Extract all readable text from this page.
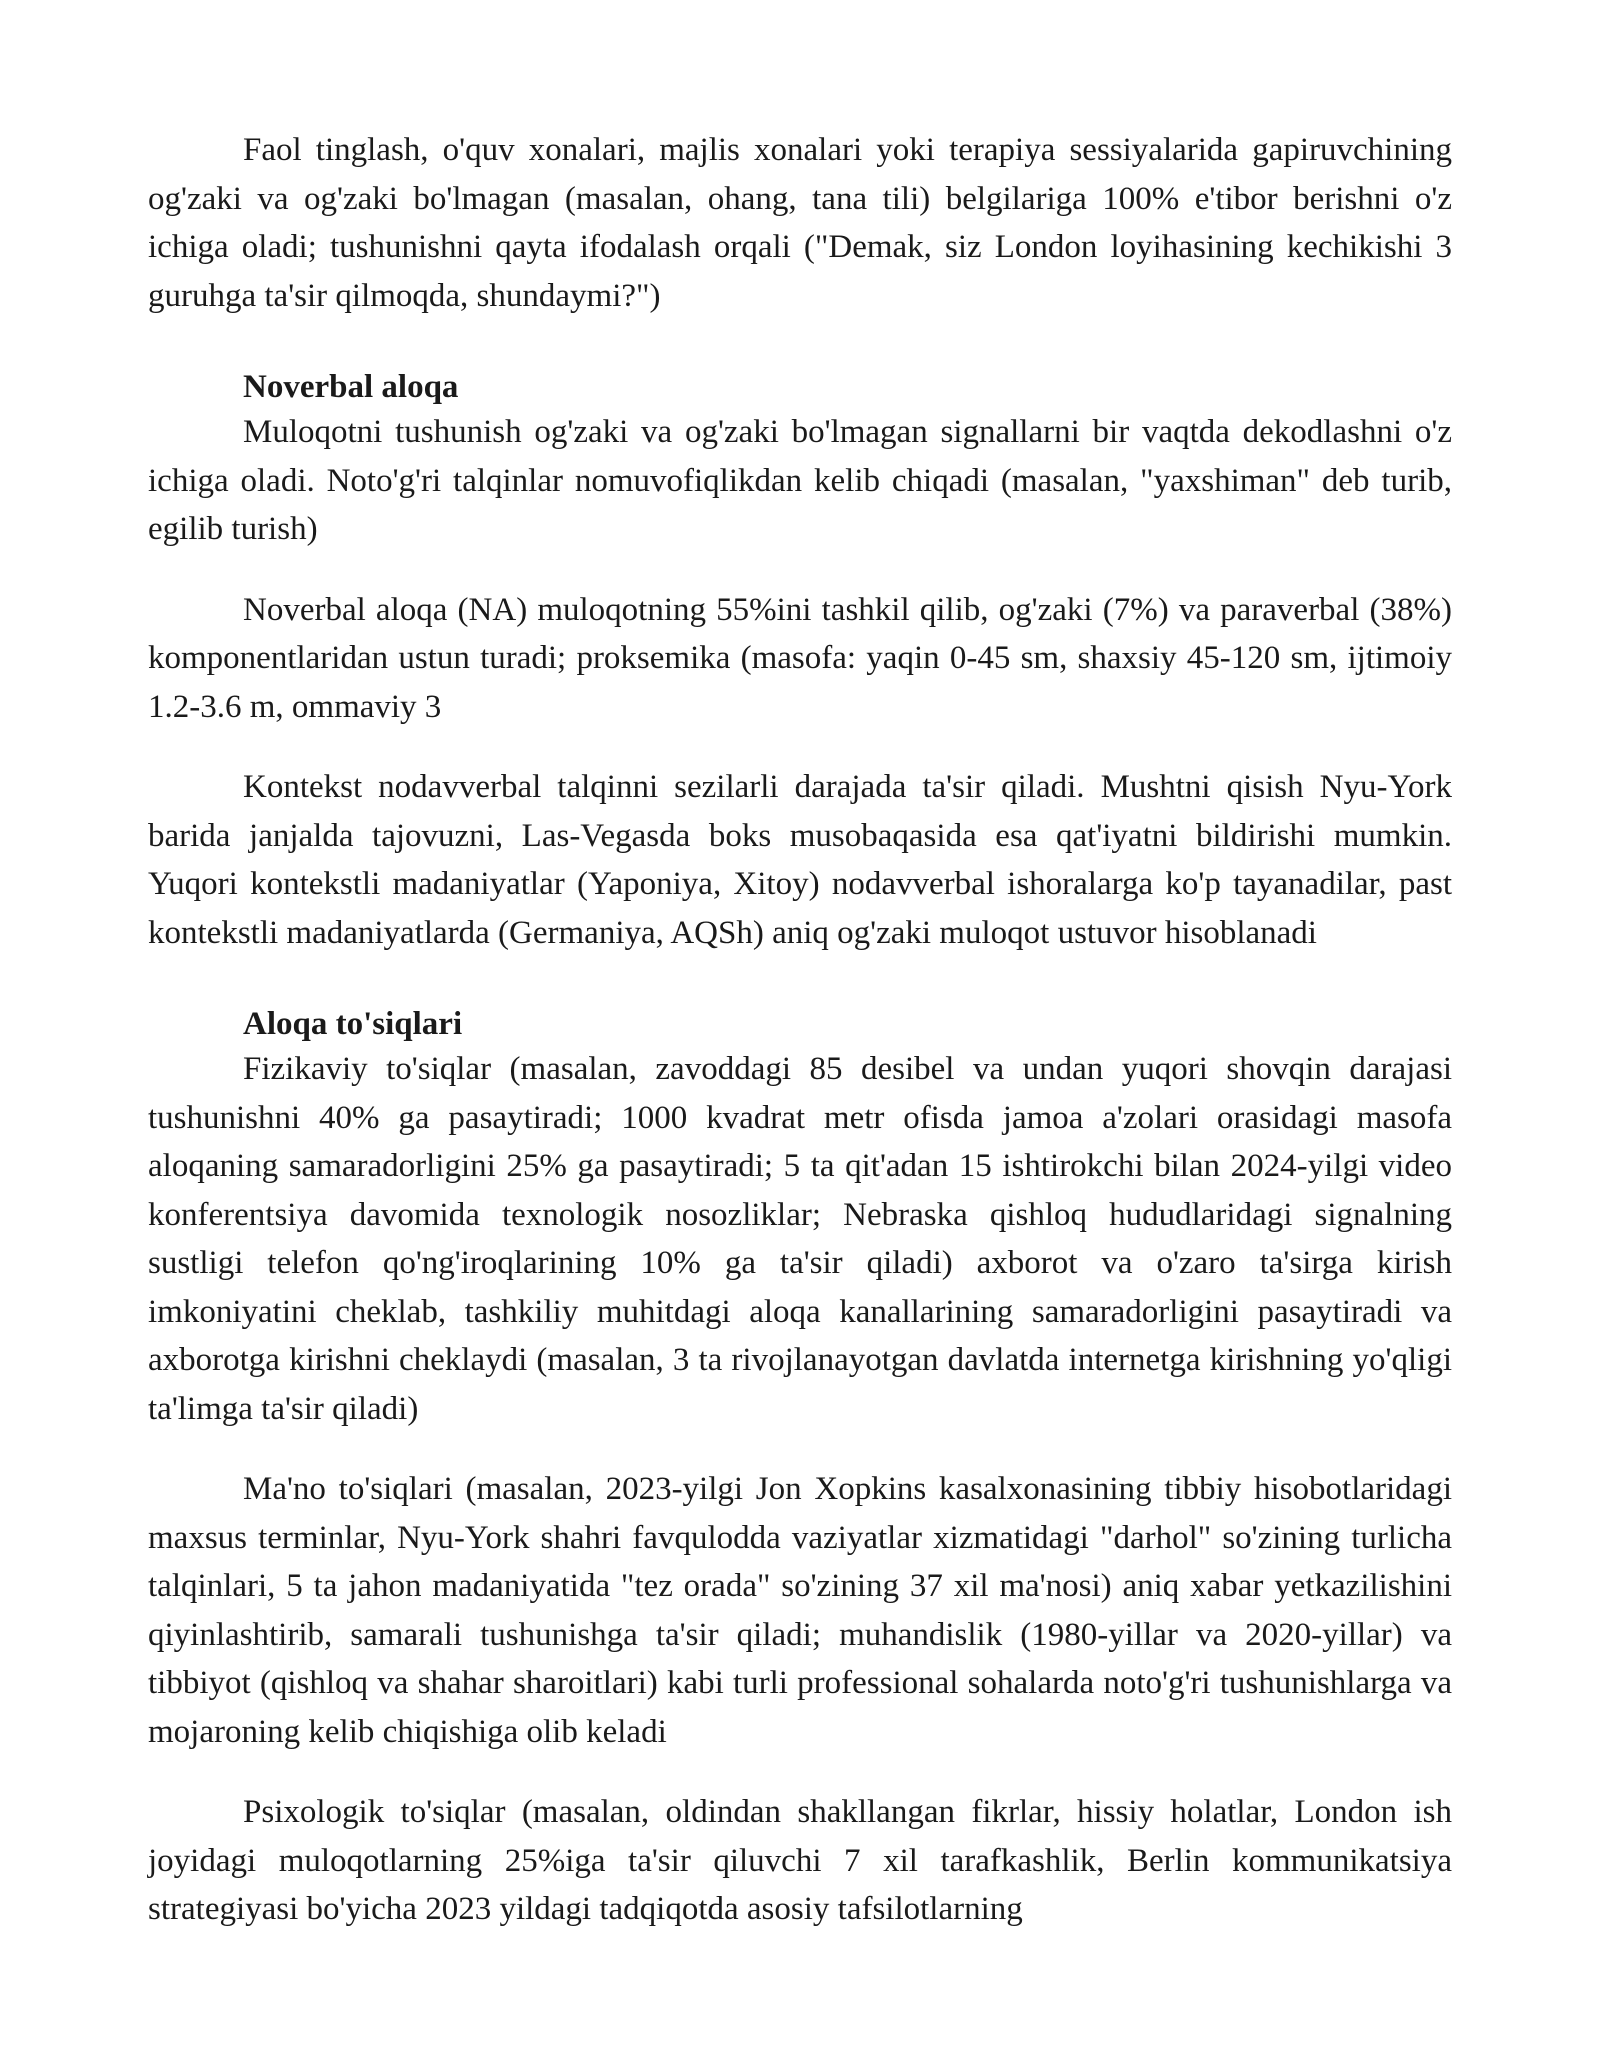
Faol tinglash, o'quv xonalari, majlis xonalari yoki terapiya sessiyalarida gapiruvchining og'zaki va og'zaki bo'lmagan (masalan, ohang, tana tili) belgilariga 100% e'tibor berishni o'z ichiga oladi; tushunishni qayta ifodalash orqali ("Demak, siz London loyihasining kechikishi 3 guruhga ta'sir qilmoqda, shundaymi?")

Noverbal aloqa

Muloqotni tushunish og'zaki va og'zaki bo'lmagan signallarni bir vaqtda dekodlashni o'z ichiga oladi. Noto'g'ri talqinlar nomuvofiqlikdan kelib chiqadi (masalan, "yaxshiman" deb turib, egilib turish)

Noverbal aloqa (NA) muloqotning 55%ini tashkil qilib, og'zaki (7%) va paraverbal (38%) komponentlaridan ustun turadi; proksemika (masofa: yaqin 0-45 sm, shaxsiy 45-120 sm, ijtimoiy 1.2-3.6 m, ommaviy 3

Kontekst nodavverbal talqinni sezilarli darajada ta'sir qiladi. Mushtni qisish Nyu-York barida janjalda tajovuzni, Las-Vegasda boks musobaqasida esa qat'iyatni bildirishi mumkin. Yuqori kontekstli madaniyatlar (Yaponiya, Xitoy) nodavverbal ishoralarga ko'p tayanadilar, past kontekstli madaniyatlarda (Germaniya, AQSh) aniq og'zaki muloqot ustuvor hisoblanadi

Aloqa to'siqlari

Fizikaviy to'siqlar (masalan, zavoddagi 85 desibel va undan yuqori shovqin darajasi tushunishni 40% ga pasaytiradi; 1000 kvadrat metr ofisda jamoa a'zolari orasidagi masofa aloqaning samaradorligini 25% ga pasaytiradi; 5 ta qit'adan 15 ishtirokchi bilan 2024-yilgi video konferentsiya davomida texnologik nosozliklar; Nebraska qishloq hududlaridagi signalning sustligi telefon qo'ng'iroqlarining 10% ga ta'sir qiladi) axborot va o'zaro ta'sirga kirish imkoniyatini cheklab, tashkiliy muhitdagi aloqa kanallarining samaradorligini pasaytiradi va axborotga kirishni cheklaydi (masalan, 3 ta rivojlanayotgan davlatda internetga kirishning yo'qligi ta'limga ta'sir qiladi)

Ma'no to'siqlari (masalan, 2023-yilgi Jon Xopkins kasalxonasining tibbiy hisobotlaridagi maxsus terminlar, Nyu-York shahri favqulodda vaziyatlar xizmatidagi "darhol" so'zining turlicha talqinlari, 5 ta jahon madaniyatida "tez orada" so'zining 37 xil ma'nosi) aniq xabar yetkazilishini qiyinlashtirib, samarali tushunishga ta'sir qiladi; muhandislik (1980-yillar va 2020-yillar) va tibbiyot (qishloq va shahar sharoitlari) kabi turli professional sohalarda noto'g'ri tushunishlarga va mojaroning kelib chiqishiga olib keladi

Psixologik to'siqlar (masalan, oldindan shakllangan fikrlar, hissiy holatlar, London ish joyidagi muloqotlarning 25%iga ta'sir qiluvchi 7 xil tarafkashlik, Berlin kommunikatsiya strategiyasi bo'yicha 2023 yildagi tadqiqotda asosiy tafsilotlarning
